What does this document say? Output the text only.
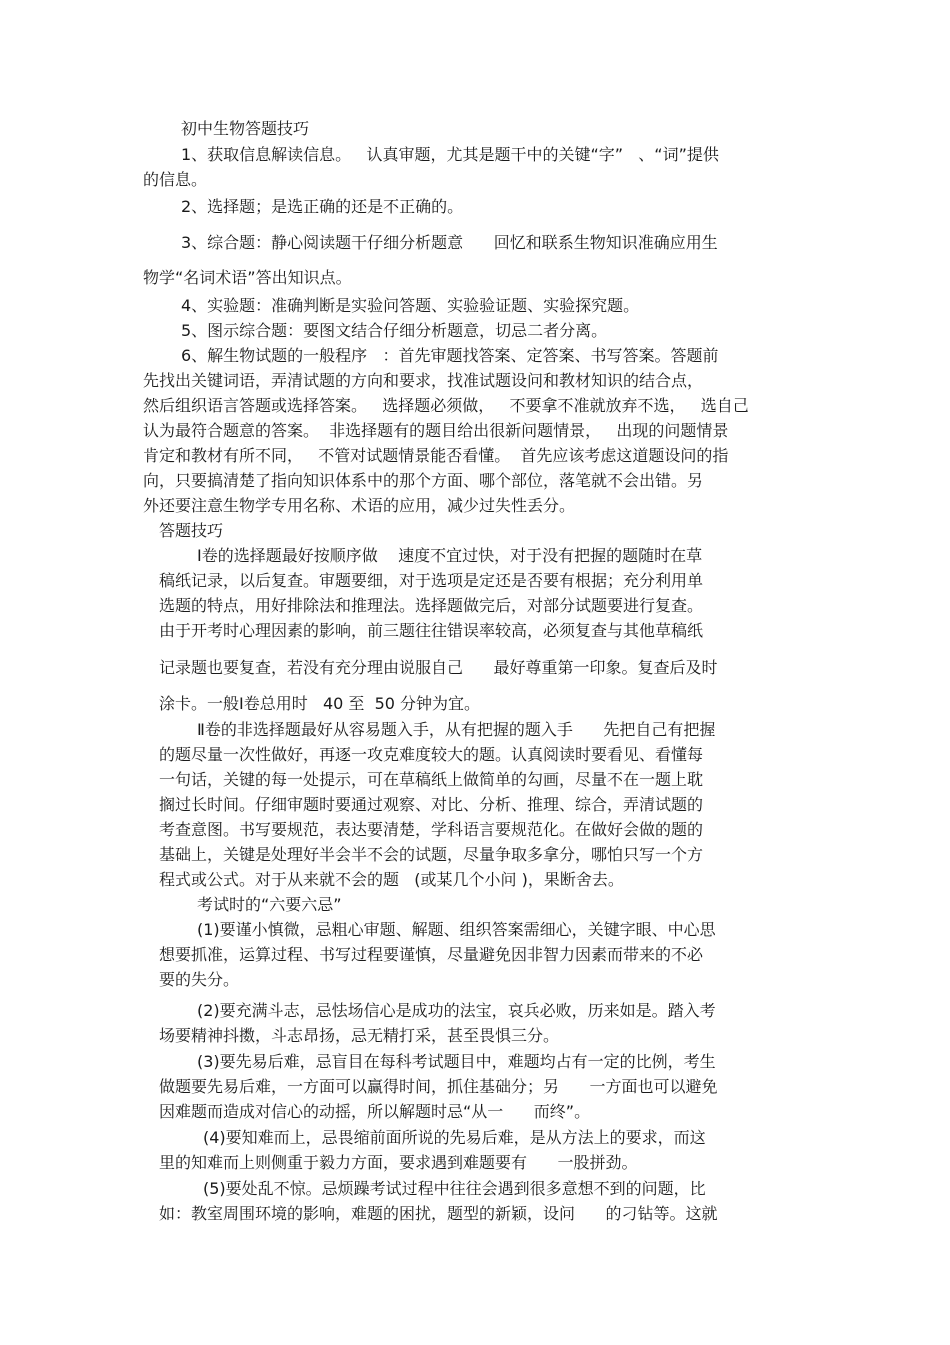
初中生物答题技巧
1、获取信息解读信息。   认真审题，尤其是题干中的关键“字”   、“词”提供
的信息。
2、选择题；是选正确的还是不正确的。
3、综合题：静心阅读题干仔细分析题意      回忆和联系生物知识准确应用生
物学“名词术语”答出知识点。
4、实验题：准确判断是实验问答题、实验验证题、实验探究题。
5、图示综合题：要图文结合仔细分析题意，切忌二者分离。
6、解生物试题的一般程序   ：首先审题找答案、定答案、书写答案。答题前
先找出关键词语，弄清试题的方向和要求，找准试题设问和教材知识的结合点，
然后组织语言答题或选择答案。   选择题必须做，   不要拿不准就放弃不选，   选自己
认为最符合题意的答案。  非选择题有的题目给出很新问题情景，   出现的问题情景
肯定和教材有所不同，   不管对试题情景能否看懂。  首先应该考虑这道题设问的指
向，只要搞清楚了指向知识体系中的那个方面、哪个部位，落笔就不会出错。另
外还要注意生物学专用名称、术语的应用，减少过失性丢分。
答题技巧
Ⅰ卷的选择题最好按顺序做    速度不宜过快，对于没有把握的题随时在草
稿纸记录，以后复查。审题要细，对于选项是定还是否要有根据；充分利用单
选题的特点，用好排除法和推理法。选择题做完后，对部分试题要进行复查。
由于开考时心理因素的影响，前三题往往错误率较高，必须复查与其他草稿纸
记录题也要复查，若没有充分理由说服自己      最好尊重第一印象。复查后及时
涂卡。一般Ⅰ卷总用时   40 至  50 分钟为宜。
Ⅱ卷的非选择题最好从容易题入手，从有把握的题入手      先把自己有把握
的题尽量一次性做好，再逐一攻克难度较大的题。认真阅读时要看见、看懂每
一句话，关键的每一处提示，可在草稿纸上做简单的勾画，尽量不在一题上耽
搁过长时间。仔细审题时要通过观察、对比、分析、推理、综合，弄清试题的
考查意图。书写要规范，表达要清楚，学科语言要规范化。在做好会做的题的
基础上，关键是处理好半会半不会的试题，尽量争取多拿分，哪怕只写一个方
程式或公式。对于从来就不会的题   (或某几个小问 )，果断舍去。
考试时的“六要六忌”
(1)要谨小慎微，忌粗心审题、解题、组织答案需细心，关键字眼、中心思
想要抓准，运算过程、书写过程要谨慎，尽量避免因非智力因素而带来的不必
要的失分。
(2)要充满斗志，忌怯场信心是成功的法宝，哀兵必败，历来如是。踏入考
场要精神抖擞，斗志昂扬，忌无精打采，甚至畏惧三分。
(3)要先易后难，忌盲目在每科考试题目中，难题均占有一定的比例，考生
做题要先易后难，一方面可以赢得时间，抓住基础分；另      一方面也可以避免
因难题而造成对信心的动摇，所以解题时忌“从一      而终”。
(4)要知难而上，忌畏缩前面所说的先易后难，是从方法上的要求，而这
里的知难而上则侧重于毅力方面，要求遇到难题要有      一股拼劲。
(5)要处乱不惊。忌烦躁考试过程中往往会遇到很多意想不到的问题，比
如：教室周围环境的影响，难题的困扰，题型的新颖，设问      的刁钻等。这就
